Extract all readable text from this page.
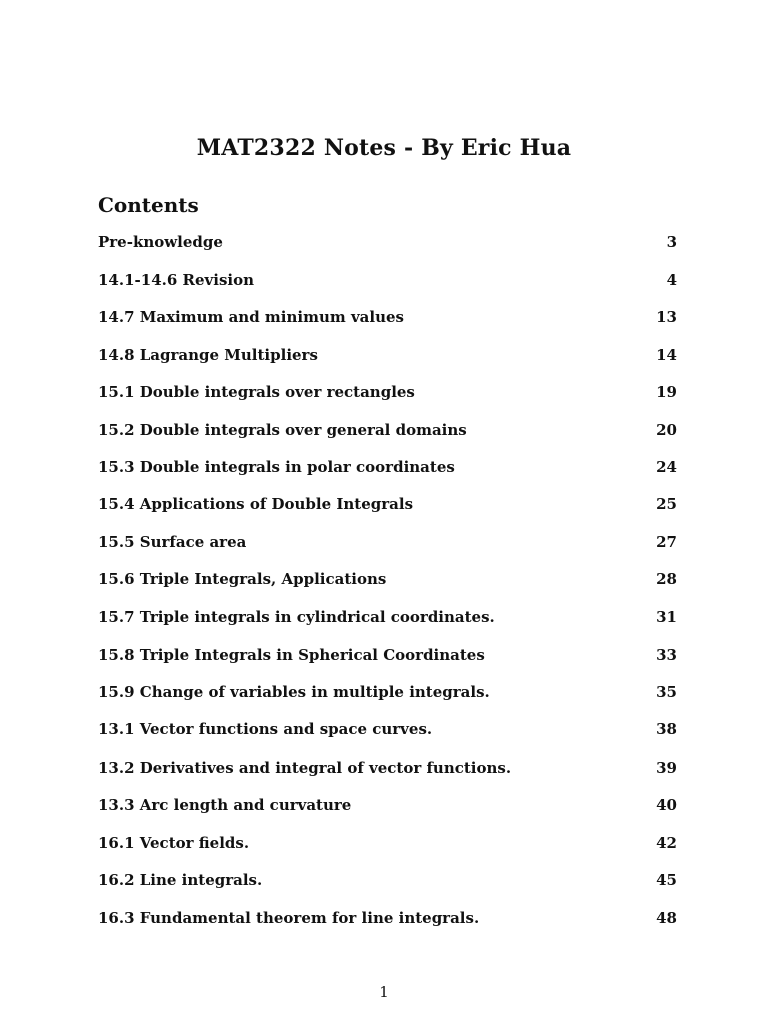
MAT2322 Notes - By Eric Hua
Contents
Pre-knowledge	3
14.1-14.6 Revision	4
14.7 Maximum and minimum values	13
14.8 Lagrange Multipliers	14
15.1 Double integrals over rectangles	19
15.2 Double integrals over general domains	20
15.3 Double integrals in polar coordinates	24
15.4 Applications of Double Integrals	25
15.5 Surface area	27
15.6 Triple Integrals, Applications	28
15.7 Triple integrals in cylindrical coordinates.	31
15.8 Triple Integrals in Spherical Coordinates	33
15.9 Change of variables in multiple integrals.	35
13.1 Vector functions and space curves.	38
13.2 Derivatives and integral of vector functions.	39
13.3 Arc length and curvature	40
16.1 Vector fields.	42
16.2 Line integrals.	45
16.3 Fundamental theorem for line integrals.	48
1
